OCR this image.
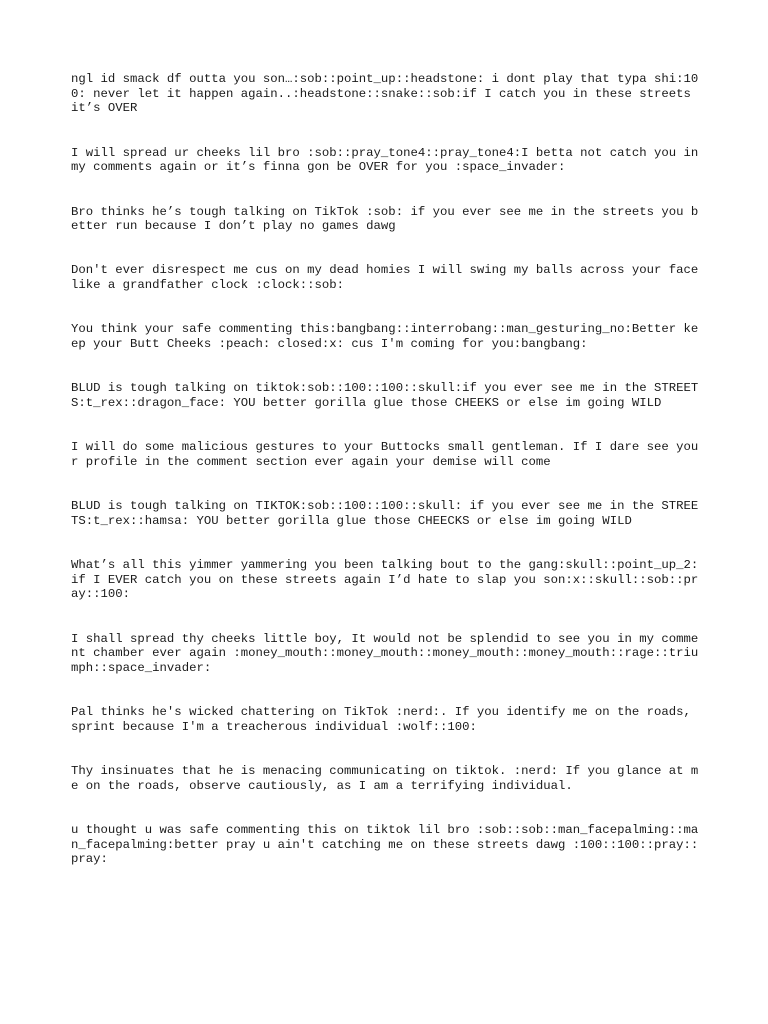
ngl id smack df outta you son…:sob::point_up::headstone: i dont play that typa shi:100: never let it happen again..:headstone::snake::sob:if I catch you in these streets it’s OVER

I will spread ur cheeks lil bro :sob::pray_tone4::pray_tone4:I betta not catch you in my comments again or it’s finna gon be OVER for you :space_invader:

Bro thinks he’s tough talking on TikTok :sob: if you ever see me in the streets you better run because I don’t play no games dawg

Don't ever disrespect me cus on my dead homies I will swing my balls across your face like a grandfather clock :clock::sob:

You think your safe commenting this:bangbang::interrobang::man_gesturing_no:Better keep your Butt Cheeks :peach: closed:x: cus I'm coming for you:bangbang:

BLUD is tough talking on tiktok:sob::100::100::skull:if you ever see me in the STREETS:t_rex::dragon_face: YOU better gorilla glue those CHEEKS or else im going WILD

I will do some malicious gestures to your Buttocks small gentleman. If I dare see your profile in the comment section ever again your demise will come

BLUD is tough talking on TIKTOK:sob::100::100::skull: if you ever see me in the STREETS:t_rex::hamsa: YOU better gorilla glue those CHEECKS or else im going WILD

What’s all this yimmer yammering you been talking bout to the gang:skull::point_up_2: if I EVER catch you on these streets again I’d hate to slap you son:x::skull::sob::pray::100:

I shall spread thy cheeks little boy, It would not be splendid to see you in my comment chamber ever again :money_mouth::money_mouth::money_mouth::money_mouth::rage::triumph::space_invader:

Pal thinks he's wicked chattering on TikTok :nerd:. If you identify me on the roads, sprint because I'm a treacherous individual :wolf::100:

Thy insinuates that he is menacing communicating on tiktok. :nerd: If you glance at me on the roads, observe cautiously, as I am a terrifying individual.

u thought u was safe commenting this on tiktok lil bro :sob::sob::man_facepalming::man_facepalming:better pray u ain't catching me on these streets dawg :100::100::pray::pray:
